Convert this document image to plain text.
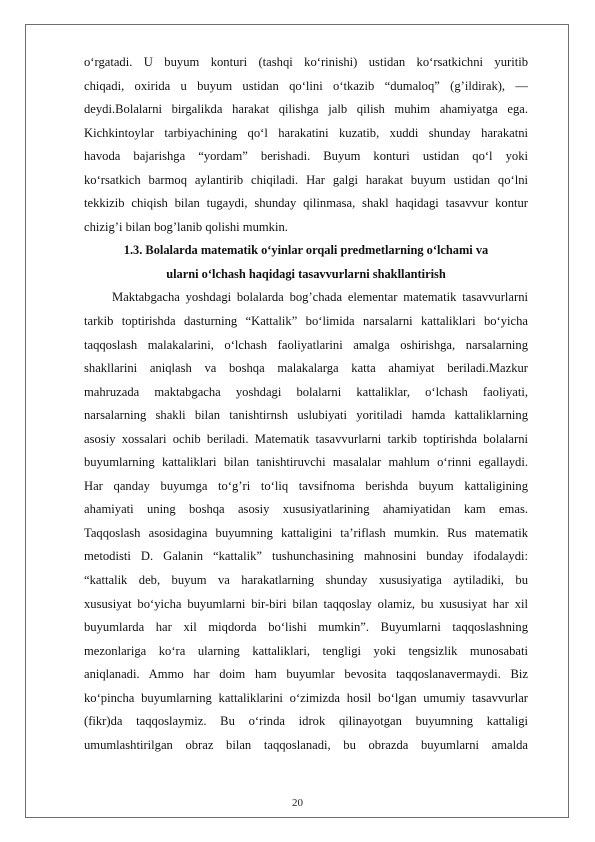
o‘rgatadi. U buyum konturi (tashqi ko‘rinishi) ustidan ko‘rsatkichni yuritib
chiqadi, oxirida u buyum ustidan qo‘lini o‘tkazib “dumaloq” (g’ildirak), —
deydi.Bolalarni birgalikda harakat qilishga jalb qilish muhim ahamiyatga ega.
Kichkintoylar tarbiyachining qo‘l harakatini kuzatib, xuddi shunday harakatni
havoda bajarishga “yordam” berishadi. Buyum konturi ustidan qo‘l yoki
ko‘rsatkich barmoq aylantirib chiqiladi. Har galgi harakat buyum ustidan qo‘lni
tekkizib chiqish bilan tugaydi, shunday qilinmasa, shakl haqidagi tasavvur kontur
chizig’i bilan bog’lanib qolishi mumkin.
1.3. Bolalarda matematik o‘yinlar orqali predmetlarning o‘lchami va
ularni o‘lchash haqidagi tasavvurlarni shakllantirish
Maktabgacha yoshdagi bolalarda bog’chada elementar matematik tasavvurlarni
tarkib toptirishda dasturning “Kattalik” bo‘limida narsalarni kattaliklari bo‘yicha
taqqoslash malakalarini, o‘lchash faoliyatlarini amalga oshirishga, narsalarning
shakllarini aniqlash va boshqa malakalarga katta ahamiyat beriladi.Mazkur
mahruzada maktabgacha yoshdagi bolalarni kattaliklar, o‘lchash faoliyati,
narsalarning shakli bilan tanishtirnsh uslubiyati yoritiladi hamda kattaliklarning
asosiy xossalari ochib beriladi. Matematik tasavvurlarni tarkib toptirishda bolalarni
buyumlarning kattaliklari bilan tanishtiruvchi masalalar mahlum o‘rinni egallaydi.
Har qanday buyumga to‘g’ri to‘liq tavsifnoma berishda buyum kattaligining
ahamiyati uning boshqa asosiy xususiyatlarining ahamiyatidan kam emas.
Taqqoslash asosidagina buyumning kattaligini ta’riflash mumkin. Rus matematik
metodisti D. Galanin “kattalik” tushunchasining mahnosini bunday ifodalaydi:
“kattalik deb, buyum va harakatlarning shunday xususiyatiga aytiladiki, bu
xususiyat bo‘yicha buyumlarni bir-biri bilan taqqoslay olamiz, bu xususiyat har xil
buyumlarda har xil miqdorda bo‘lishi mumkin”. Buyumlarni taqqoslashning
mezonlariga ko‘ra ularning kattaliklari, tengligi yoki tengsizlik munosabati
aniqlanadi. Ammo har doim ham buyumlar bevosita taqqoslanavermaydi. Biz
ko‘pincha buyumlarning kattaliklarini o‘zimizda hosil bo‘lgan umumiy tasavvurlar
(fikr)da taqqoslaymiz. Bu o‘rinda idrok qilinayotgan buyumning kattaligi
umumlashtirilgan obraz bilan taqqoslanadi, bu obrazda buyumlarni amalda
20
